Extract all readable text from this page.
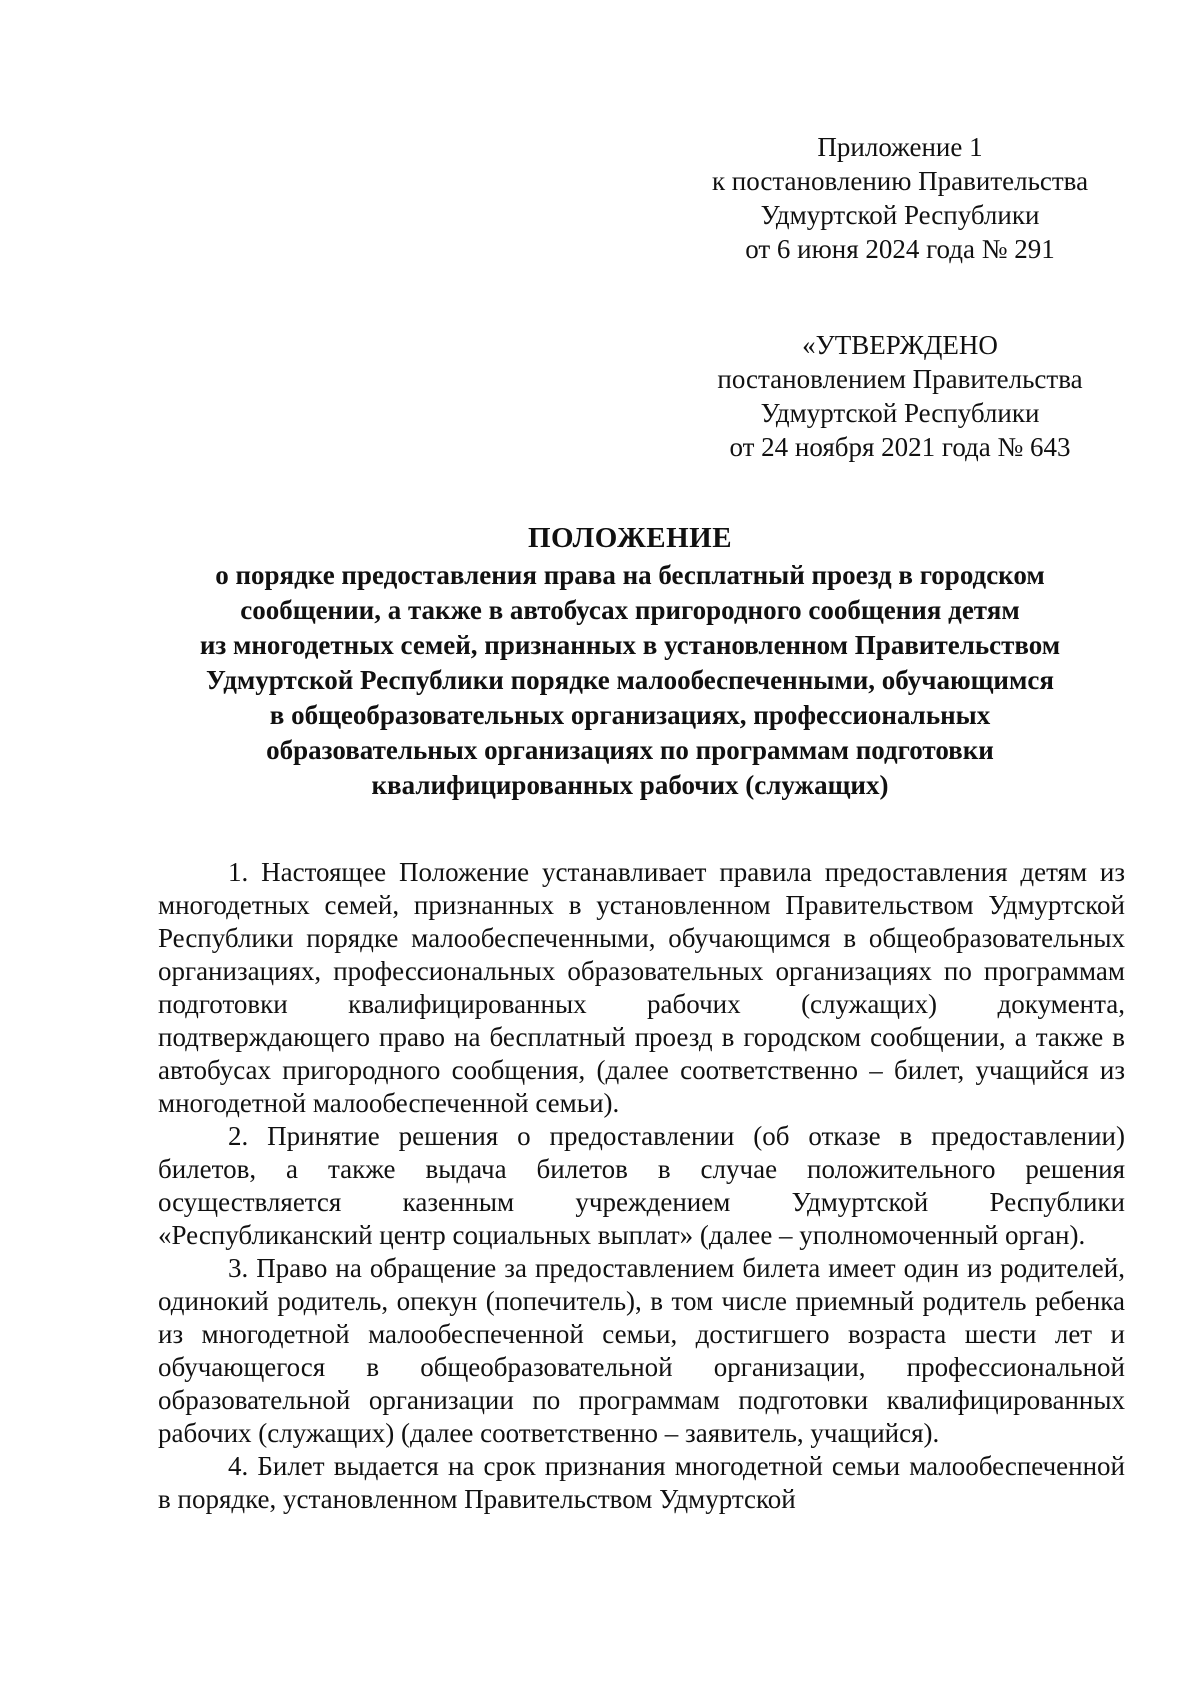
Приложение 1
к постановлению Правительства
Удмуртской Республики
от 6 июня 2024 года № 291
«УТВЕРЖДЕНО
постановлением Правительства
Удмуртской Республики
от 24 ноября 2021 года № 643
ПОЛОЖЕНИЕ
о порядке предоставления права на бесплатный проезд в городском
сообщении, а также в автобусах пригородного сообщения детям
из многодетных семей, признанных в установленном Правительством
Удмуртской Республики порядке малообеспеченными, обучающимся
в общеобразовательных организациях, профессиональных
образовательных организациях по программам подготовки
квалифицированных рабочих (служащих)

1. Настоящее Положение устанавливает правила предоставления детям из многодетных семей, признанных в установленном Правительством Удмуртской Республики порядке малообеспеченными, обучающимся в общеобразовательных организациях, профессиональных образовательных организациях по программам подготовки квалифицированных рабочих (служащих) документа, подтверждающего право на бесплатный проезд в городском сообщении, а также в автобусах пригородного сообщения, (далее соответственно – билет, учащийся из многодетной малообеспеченной семьи).

2. Принятие решения о предоставлении (об отказе в предоставлении) билетов, а также выдача билетов в случае положительного решения осуществляется казенным учреждением Удмуртской Республики «Республиканский центр социальных выплат» (далее – уполномоченный орган).

3. Право на обращение за предоставлением билета имеет один из родителей, одинокий родитель, опекун (попечитель), в том числе приемный родитель ребенка из многодетной малообеспеченной семьи, достигшего возраста шести лет и обучающегося в общеобразовательной организации, профессиональной образовательной организации по программам подготовки квалифицированных рабочих (служащих) (далее соответственно – заявитель, учащийся).

4. Билет выдается на срок признания многодетной семьи малообеспеченной в порядке, установленном Правительством Удмуртской
